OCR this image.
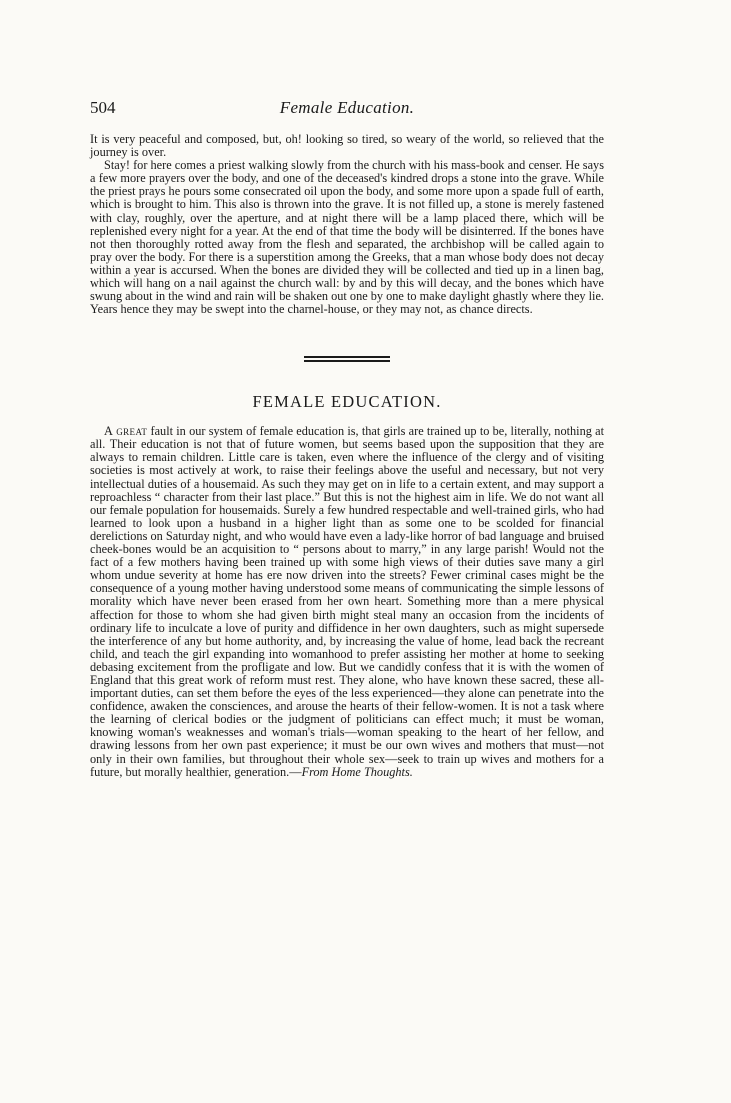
504	Female Education.

It is very peaceful and composed, but, oh! looking so tired, so weary of the world, so relieved that the journey is over.

Stay! for here comes a priest walking slowly from the church with his mass-book and censer. He says a few more prayers over the body, and one of the deceased's kindred drops a stone into the grave. While the priest prays he pours some consecrated oil upon the body, and some more upon a spade full of earth, which is brought to him. This also is thrown into the grave. It is not filled up, a stone is merely fastened with clay, roughly, over the aperture, and at night there will be a lamp placed there, which will be replenished every night for a year. At the end of that time the body will be disinterred. If the bones have not then thoroughly rotted away from the flesh and separated, the archbishop will be called again to pray over the body. For there is a superstition among the Greeks, that a man whose body does not decay within a year is accursed. When the bones are divided they will be collected and tied up in a linen bag, which will hang on a nail against the church wall: by and by this will decay, and the bones which have swung about in the wind and rain will be shaken out one by one to make daylight ghastly where they lie. Years hence they may be swept into the charnel-house, or they may not, as chance directs.

FEMALE EDUCATION.

A great fault in our system of female education is, that girls are trained up to be, literally, nothing at all. Their education is not that of future women, but seems based upon the supposition that they are always to remain children. Little care is taken, even where the influence of the clergy and of visiting societies is most actively at work, to raise their feelings above the useful and necessary, but not very intellectual duties of a housemaid. As such they may get on in life to a certain extent, and may support a reproachless “ character from their last place.” But this is not the highest aim in life. We do not want all our female population for housemaids. Surely a few hundred respectable and well-trained girls, who had learned to look upon a husband in a higher light than as some one to be scolded for financial derelictions on Saturday night, and who would have even a lady-like horror of bad language and bruised cheek-bones would be an acquisition to “ persons about to marry,” in any large parish! Would not the fact of a few mothers having been trained up with some high views of their duties save many a girl whom undue severity at home has ere now driven into the streets? Fewer criminal cases might be the consequence of a young mother having understood some means of communicating the simple lessons of morality which have never been erased from her own heart. Something more than a mere physical affection for those to whom she had given birth might steal many an occasion from the incidents of ordinary life to inculcate a love of purity and diffidence in her own daughters, such as might supersede the interference of any but home authority, and, by increasing the value of home, lead back the recreant child, and teach the girl expanding into womanhood to prefer assisting her mother at home to seeking debasing excitement from the profligate and low. But we candidly confess that it is with the women of England that this great work of reform must rest. They alone, who have known these sacred, these all-important duties, can set them before the eyes of the less experienced—they alone can penetrate into the confidence, awaken the consciences, and arouse the hearts of their fellow-women. It is not a task where the learning of clerical bodies or the judgment of politicians can effect much; it must be woman, knowing woman's weaknesses and woman's trials—woman speaking to the heart of her fellow, and drawing lessons from her own past experience; it must be our own wives and mothers that must—not only in their own families, but throughout their whole sex—seek to train up wives and mothers for a future, but morally healthier, generation.—From Home Thoughts.
